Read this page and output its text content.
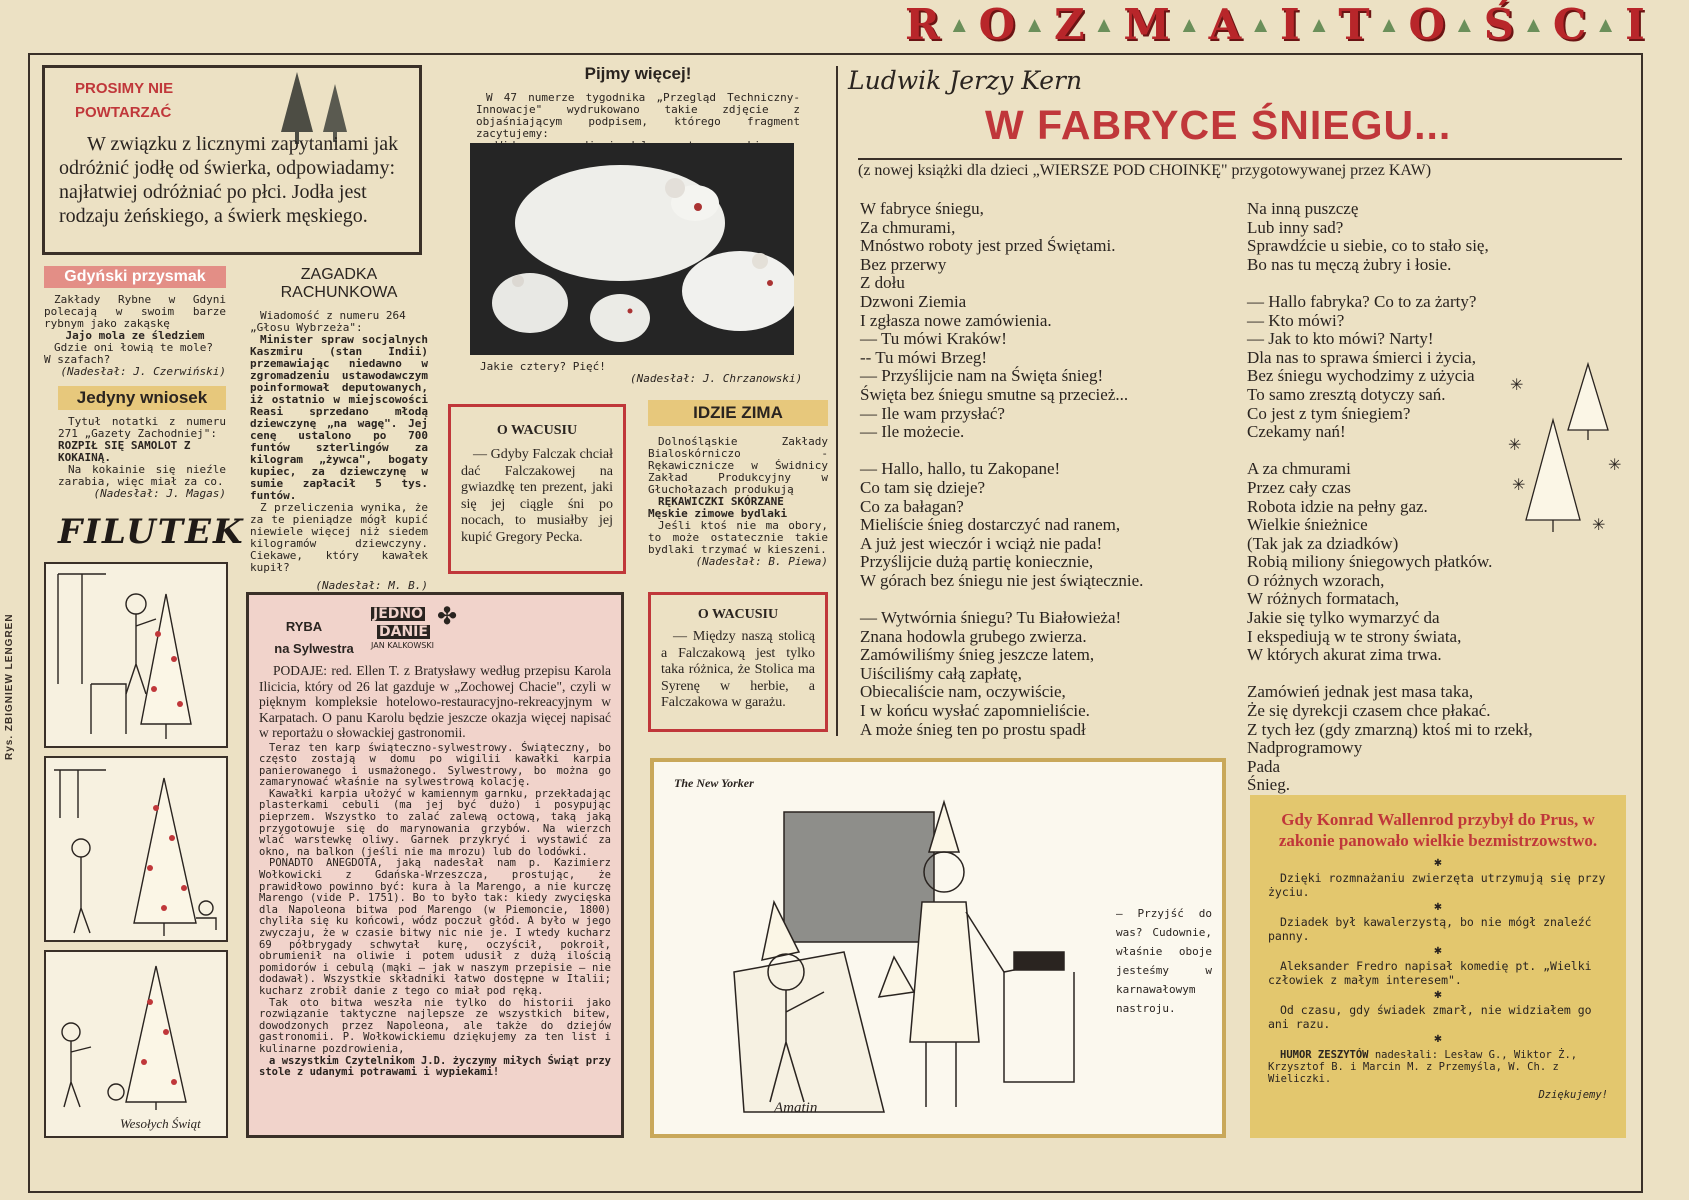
R ▲ O ▲ Z ▲ M ▲ A ▲ I ▲ T ▲ O ▲ Ś ▲ C ▲ I
Rys. ZBIGNIEW LENGREN
PROSIMY NIE
POWTARZAĆ

W związku z licznymi zapytaniami jak odróżnić jodłę od świerka, odpowiadamy: najłatwiej odróżniać po płci. Jodła jest rodzaju żeńskiego, a świerk męskiego.

Gdyński przysmak

Zakłady Rybne w Gdyni polecają w swoim barze rybnym jako zakąskę

Jajo mola ze śledziem

Gdzie oni łowią te mole? W szafach?

(Nadesłał: J. Czerwiński)

Jedyny wniosek

Tytuł notatki z numeru 271 „Gazety Zachodniej":

ROZPIŁ SIĘ SAMOLOT Z KOKAINĄ.

Na kokainie się nieźle zarabia, więc miał za co.

(Nadesłał: J. Magas)

FILUTEK
Wesołych Świąt
ZAGADKA
RACHUNKOWA

Wiadomość z numeru 264 „Głosu Wybrzeża":

Minister spraw socjalnych Kaszmiru (stan Indii) przemawiając niedawno w zgromadzeniu ustawodawczym poinformował deputowanych, iż ostatnio w miejscowości Reasi sprzedano młodą dziewczynę „na wagę". Jej cenę ustalono po 700 funtów szterlingów za kilogram „żywca", bogaty kupiec, za dziewczynę w sumie zapłacił 5 tys. funtów.

Z przeliczenia wynika, że za te pieniądze mógł kupić niewiele więcej niż siedem kilogramów dziewczyny. Ciekawe, który kawałek kupił?

(Nadesłał: M. B.)

Pijmy więcej!

W 47 numerze tygodnika „Przegląd Techniczny-Innowacje" wydrukowano takie zdjęcie z objaśniającym podpisem, którego fragment zacytujemy:

Jakie cztery? Pięć!
(Nadesłał: J. Chrzanowski)
O WACUSIU

— Gdyby Falczak chciał dać Falczakowej na gwiazdkę ten prezent, jaki się jej ciągle śni po nocach, to musiałby jej kupić Gregory Pecka.

IDZIE ZIMA

Dolnośląskie Zakłady Bialoskórniczo - Rękawicznicze w Świdnicy Zakład Produkcyjny w Głuchołazach produkują

RĘKAWICZKI SKÓRZANE

Męskie zimowe bydlaki

Jeśli ktoś nie ma obory, to może ostatecznie takie bydlaki trzymać w kieszeni.

(Nadesłał: B. Piewa)

O WACUSIU

— Między naszą stolicą a Falczakową jest tylko taka różnica, że Stolica ma Syrenę w herbie, a Falczakowa w garażu.

RYBA
na Sylwestra
JEDNO DANIE
JAN KALKOWSKI
✤

PODAJE: red. Ellen T. z Bratysławy według przepisu Karola Ilicicia, który od 26 lat gazduje w „Zochowej Chacie", czyli w pięknym kompleksie hotelowo-restauracyjno-rekreacyjnym w Karpatach. O panu Karolu będzie jeszcze okazja więcej napisać w reportażu o słowackiej gastronomii.

Teraz ten karp świąteczno-sylwestrowy. Świąteczny, bo często zostają w domu po wigilii kawałki karpia panierowanego i usmażonego. Sylwestrowy, bo można go zamarynować właśnie na sylwestrową kolację.

Kawałki karpia ułożyć w kamiennym garnku, przekładając plasterkami cebuli (ma jej być dużo) i posypując pieprzem. Wszystko to zalać zalewą octową, taką jaką przygotowuje się do marynowania grzybów. Na wierzch wlać warstewkę oliwy. Garnek przykryć i wystawić za okno, na balkon (jeśli nie ma mrozu) lub do lodówki.

PONADTO ANEGDOTA, jaką nadesłał nam p. Kazimierz Wołkowicki z Gdańska-Wrzeszcza, prostując, że prawidłowo powinno być: kura à la Marengo, a nie kurczę Marengo (vide P. 1751). Bo to było tak: kiedy zwycięska dla Napoleona bitwa pod Marengo (w Piemoncie, 1800) chyliła się ku końcowi, wódz poczuł głód. A było w jego zwyczaju, że w czasie bitwy nic nie je. I wtedy kucharz 69 półbrygady schwytał kurę, oczyścił, pokroił, obrumienił na oliwie i potem udusił z dużą ilością pomidorów i cebulą (mąki — jak w naszym przepisie — nie dodawał). Wszystkie składniki łatwo dostępne w Italii; kucharz zrobił danie z tego co miał pod ręką.

Tak oto bitwa weszła nie tylko do historii jako rozwiązanie taktyczne najlepsze ze wszystkich bitew, dowodzonych przez Napoleona, ale także do dziejów gastronomii. P. Wołkowickiemu dziękujemy za ten list i kulinarne pozdrowienia,

a wszystkim Czytelnikom J.D. życzymy miłych Świąt przy stole z udanymi potrawami i wypiekami!

The New Yorker
Amatin

— Przyjść do was? Cudownie, właśnie oboje jesteśmy w karnawałowym nastroju.

Ludwik Jerzy Kern
W FABRYCE ŚNIEGU...
(z nowej książki dla dzieci „WIERSZE POD CHOINKĘ" przygotowywanej przez KAW)
W fabryce śniegu,
Za chmurami,
Mnóstwo roboty jest przed Świętami.
Bez przerwy
Z dołu
Dzwoni Ziemia
I zgłasza nowe zamówienia.
— Tu mówi Kraków!
-- Tu mówi Brzeg!
— Przyślijcie nam na Święta śnieg!
Święta bez śniegu smutne są przecież...
— Ile wam przysłać?
— Ile możecie.
— Hallo, hallo, tu Zakopane!
Co tam się dzieje?
Co za bałagan?
Mieliście śnieg dostarczyć nad ranem,
A już jest wieczór i wciąż nie pada!
Przyślijcie dużą partię koniecznie,
W górach bez śniegu nie jest świątecznie.
— Wytwórnia śniegu? Tu Białowieża!
Znana hodowla grubego zwierza.
Zamówiliśmy śnieg jeszcze latem,
Uiściliśmy całą zapłatę,
Obiecaliście nam, oczywiście,
I w końcu wysłać zapomnieliście.
A może śnieg ten po prostu spadł
Na inną puszczę
Lub inny sad?
Sprawdźcie u siebie, co to stało się,
Bo nas tu męczą żubry i łosie.
— Hallo fabryka? Co to za żarty?
— Kto mówi?
— Jak to kto mówi? Narty!
Dla nas to sprawa śmierci i życia,
Bez śniegu wychodzimy z użycia
To samo zresztą dotyczy sań.
Co jest z tym śniegiem?
Czekamy nań!
A za chmurami
Przez cały czas
Robota idzie na pełny gaz.
Wielkie śnieżnice
(Tak jak za dziadków)
Robią miliony śniegowych płatków.
O różnych wzorach,
W różnych formatach,
Jakie się tylko wymarzyć da
I ekspediują w te strony świata,
W których akurat zima trwa.
Zamówień jednak jest masa taka,
Że się dyrekcji czasem chce płakać.
Z tych łez (gdy zmarzną) ktoś mi to rzekł,
Nadprogramowy
Pada
Śnieg.
✳
✳
✳
✳
✳

Gdy Konrad Wallenrod przybył do Prus, w zakonie panowało wielkie bezmistrzowstwo.

✱

Dzięki rozmnażaniu zwierzęta utrzymują się przy życiu.

✱

Dziadek był kawalerzystą, bo nie mógł znaleźć panny.

✱

Aleksander Fredro napisał komedię pt. „Wielki człowiek z małym interesem".

✱

Od czasu, gdy świadek zmarł, nie widziałem go ani razu.

✱

HUMOR ZESZYTÓW nadesłali: Lesław G., Wiktor Ż., Krzysztof B. i Marcin M. z Przemyśla, W. Ch. z Wieliczki.

Dziękujemy!
